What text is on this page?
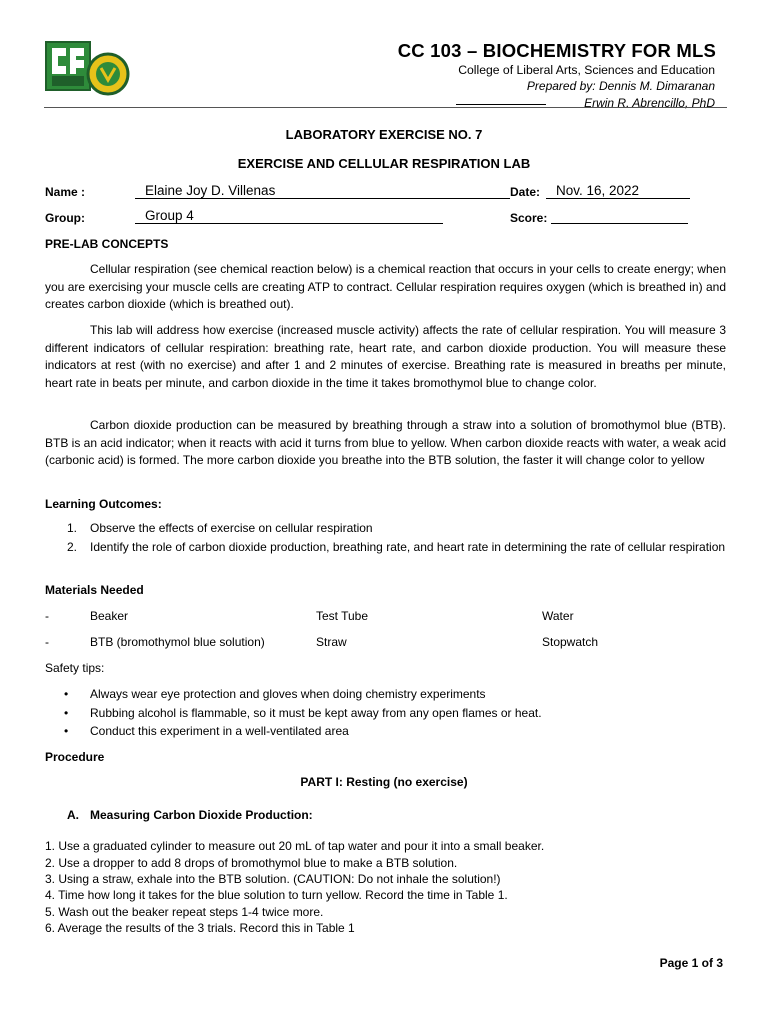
CC 103 – BIOCHEMISTRY FOR MLS
College of Liberal Arts, Sciences and Education
Prepared by: Dennis M. Dimaranan
Erwin R. Abrencillo, PhD
LABORATORY EXERCISE NO. 7
EXERCISE AND CELLULAR RESPIRATION LAB
Name :	Elaine Joy D. Villenas	Date:	Nov. 16, 2022
Group:	Group 4	Score:
PRE-LAB CONCEPTS

Cellular respiration (see chemical reaction below) is a chemical reaction that occurs in your cells to create energy; when you are exercising your muscle cells are creating ATP to contract. Cellular respiration requires oxygen (which is breathed in) and creates carbon dioxide (which is breathed out).

This lab will address how exercise (increased muscle activity) affects the rate of cellular respiration. You will measure 3 different indicators of cellular respiration: breathing rate, heart rate, and carbon dioxide production. You will measure these indicators at rest (with no exercise) and after 1 and 2 minutes of exercise. Breathing rate is measured in breaths per minute, heart rate in beats per minute, and carbon dioxide in the time it takes bromothymol blue to change color.

Carbon dioxide production can be measured by breathing through a straw into a solution of bromothymol blue (BTB). BTB is an acid indicator; when it reacts with acid it turns from blue to yellow. When carbon dioxide reacts with water, a weak acid (carbonic acid) is formed. The more carbon dioxide you breathe into the BTB solution, the faster it will change color to yellow

Learning Outcomes:
1. Observe the effects of exercise on cellular respiration
2. Identify the role of carbon dioxide production, breathing rate, and heart rate in determining the rate of cellular respiration
Materials Needed
-	Beaker	Test Tube	Water
-	BTB (bromothymol blue solution)	Straw	Stopwatch
Safety tips:
• Always wear eye protection and gloves when doing chemistry experiments
• Rubbing alcohol is flammable, so it must be kept away from any open flames or heat.
• Conduct this experiment in a well-ventilated area
Procedure
PART I: Resting (no exercise)
A. Measuring Carbon Dioxide Production:
1. Use a graduated cylinder to measure out 20 mL of tap water and pour it into a small beaker.
2. Use a dropper to add 8 drops of bromothymol blue to make a BTB solution.
3. Using a straw, exhale into the BTB solution. (CAUTION: Do not inhale the solution!)
4. Time how long it takes for the blue solution to turn yellow. Record the time in Table 1.
5. Wash out the beaker repeat steps 1-4 twice more.
6. Average the results of the 3 trials. Record this in Table 1
Page 1 of 3
